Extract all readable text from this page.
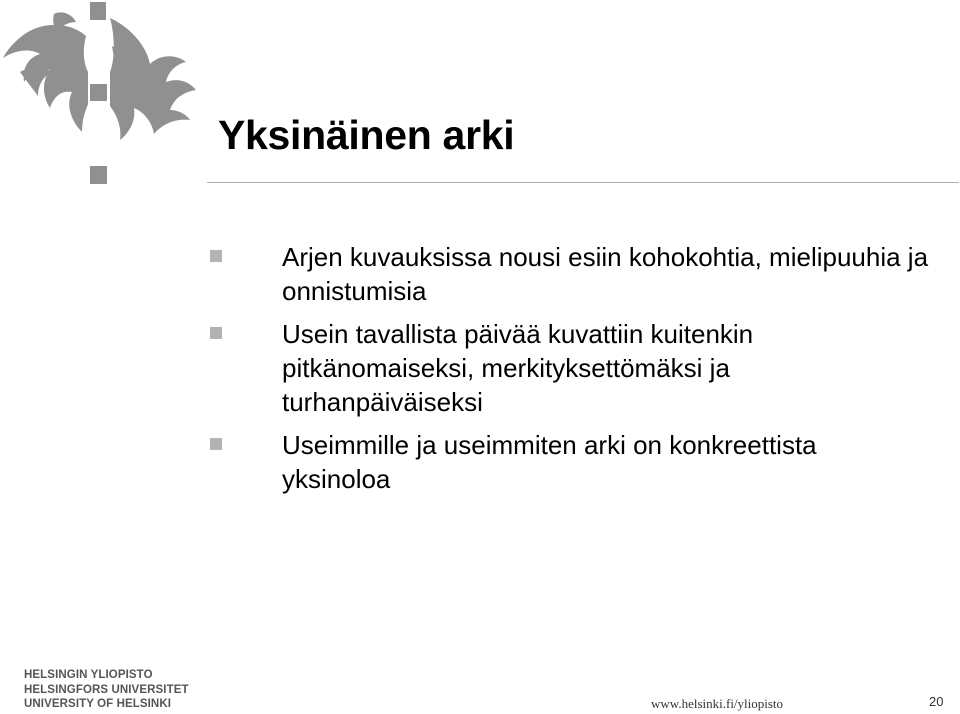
Yksinäinen arki
Arjen kuvauksissa nousi esiin kohokohtia, mielipuuhia ja onnistumisia
Usein tavallista päivää kuvattiin kuitenkin pitkänomaiseksi, merkityksettömäksi ja turhanpäiväiseksi
Useimmille ja useimmiten arki on konkreettista yksinoloa
HELSINGIN YLIOPISTO
HELSINGFORS UNIVERSITET
UNIVERSITY OF HELSINKI	www.helsinki.fi/yliopisto	20
